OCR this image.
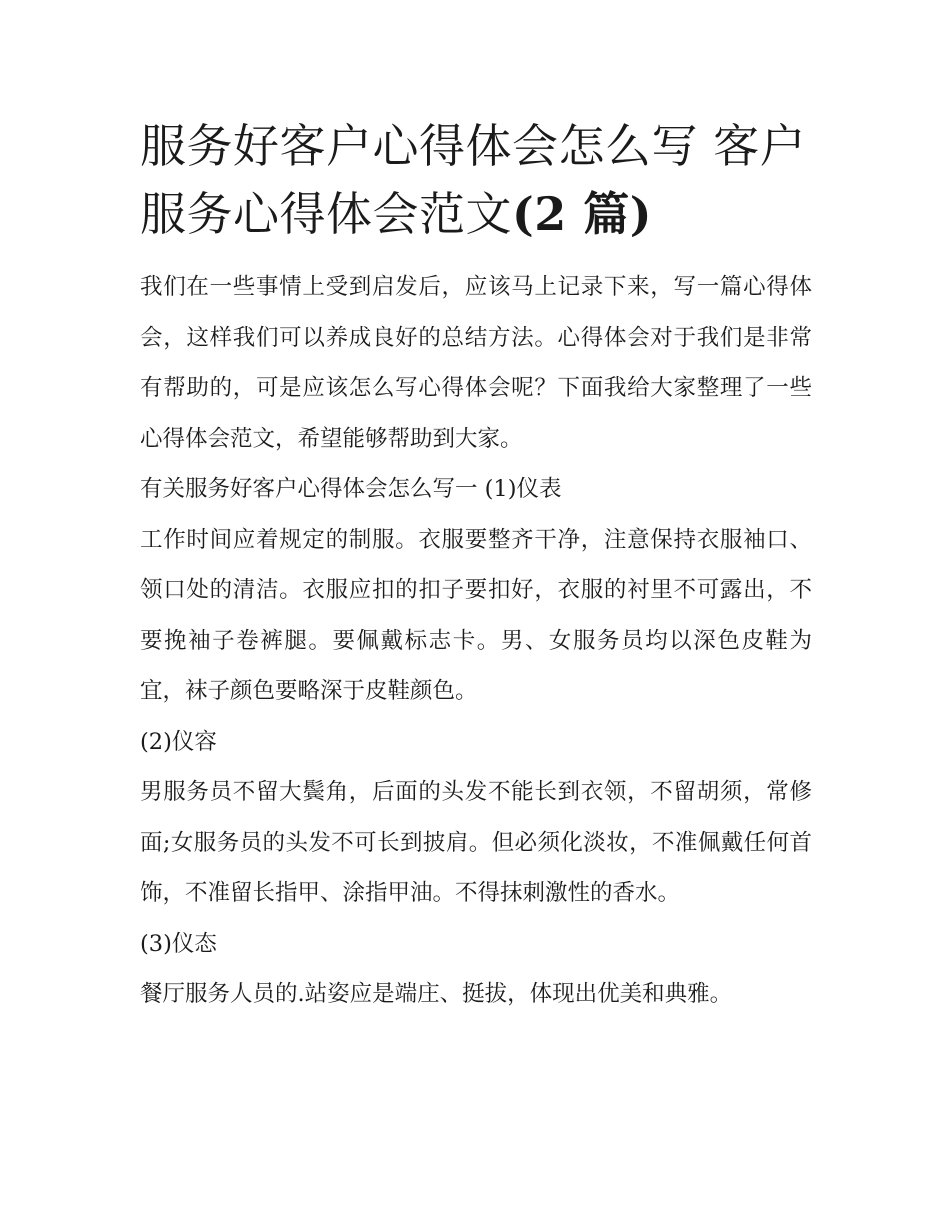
服务好客户心得体会怎么写 客户服务心得体会范文(2 篇)

我们在一些事情上受到启发后，应该马上记录下来，写一篇心得体会，这样我们可以养成良好的总结方法。心得体会对于我们是非常有帮助的，可是应该怎么写心得体会呢？下面我给大家整理了一些心得体会范文，希望能够帮助到大家。

有关服务好客户心得体会怎么写一 (1)仪表

工作时间应着规定的制服。衣服要整齐干净，注意保持衣服袖口、领口处的清洁。衣服应扣的扣子要扣好，衣服的衬里不可露出，不要挽袖子卷裤腿。要佩戴标志卡。男、女服务员均以深色皮鞋为宜，袜子颜色要略深于皮鞋颜色。

(2)仪容

男服务员不留大鬓角，后面的头发不能长到衣领，不留胡须，常修面;女服务员的头发不可长到披肩。但必须化淡妆，不准佩戴任何首饰，不准留长指甲、涂指甲油。不得抹刺激性的香水。

(3)仪态

餐厅服务人员的.站姿应是端庄、挺拔，体现出优美和典雅。
